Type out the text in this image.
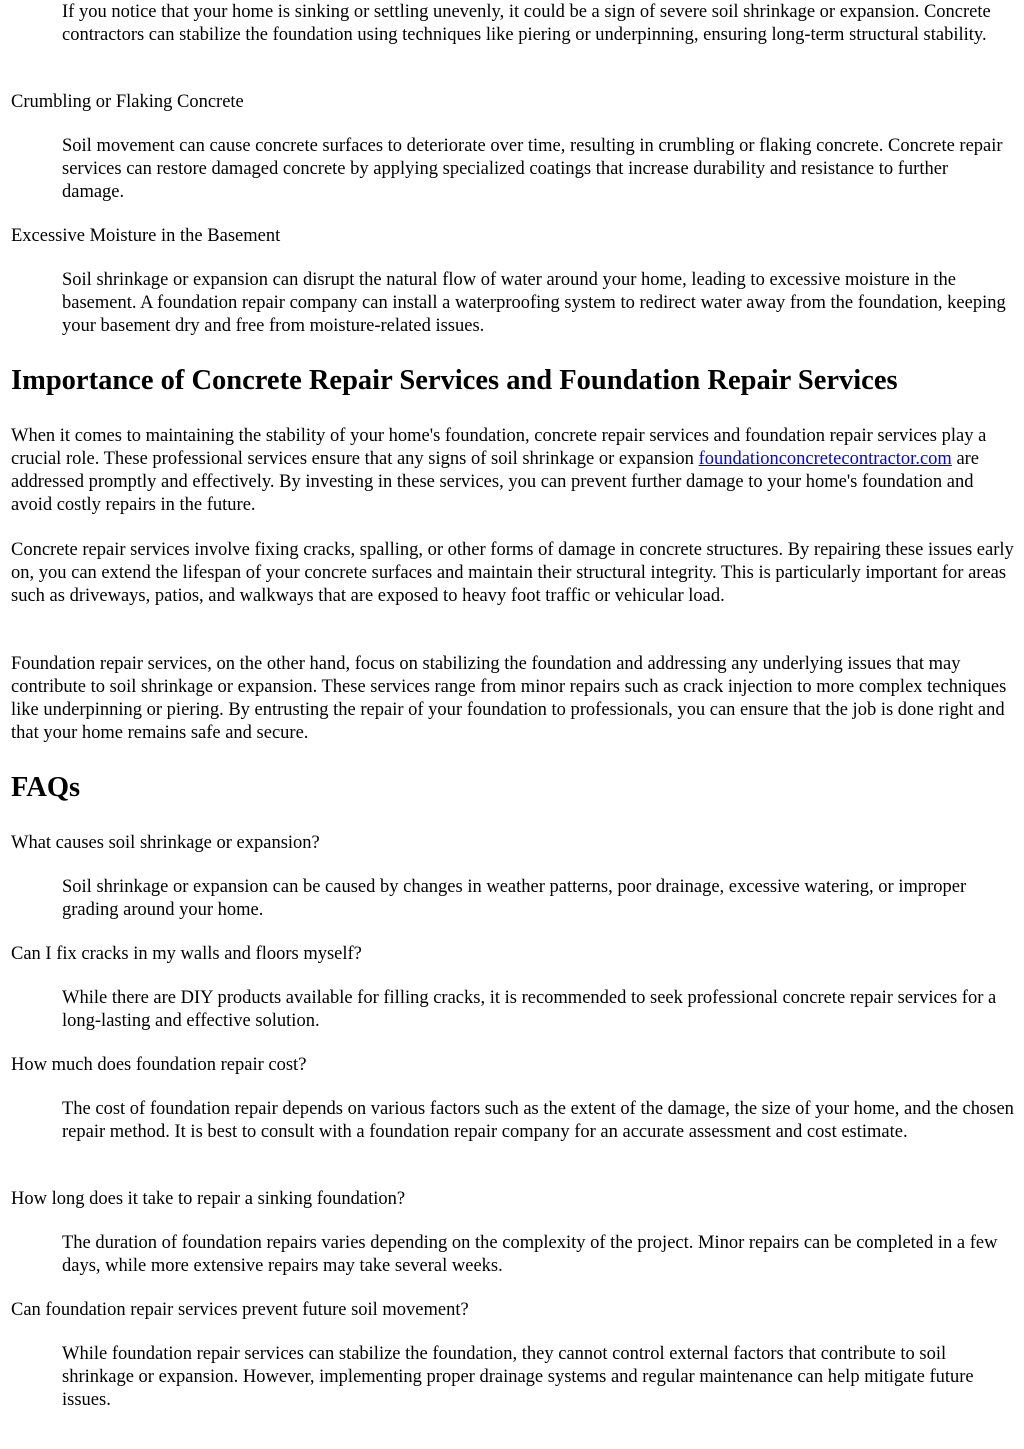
If you notice that your home is sinking or settling unevenly, it could be a sign of severe soil shrinkage or expansion. Concrete contractors can stabilize the foundation using techniques like piering or underpinning, ensuring long-term structural stability.

Crumbling or Flaking Concrete

Soil movement can cause concrete surfaces to deteriorate over time, resulting in crumbling or flaking concrete. Concrete repair services can restore damaged concrete by applying specialized coatings that increase durability and resistance to further damage.

Excessive Moisture in the Basement

Soil shrinkage or expansion can disrupt the natural flow of water around your home, leading to excessive moisture in the basement. A foundation repair company can install a waterproofing system to redirect water away from the foundation, keeping your basement dry and free from moisture-related issues.

Importance of Concrete Repair Services and Foundation Repair Services

When it comes to maintaining the stability of your home's foundation, concrete repair services and foundation repair services play a crucial role. These professional services ensure that any signs of soil shrinkage or expansion foundationconcretecontractor.com are addressed promptly and effectively. By investing in these services, you can prevent further damage to your home's foundation and avoid costly repairs in the future.

Concrete repair services involve fixing cracks, spalling, or other forms of damage in concrete structures. By repairing these issues early on, you can extend the lifespan of your concrete surfaces and maintain their structural integrity. This is particularly important for areas such as driveways, patios, and walkways that are exposed to heavy foot traffic or vehicular load.

Foundation repair services, on the other hand, focus on stabilizing the foundation and addressing any underlying issues that may contribute to soil shrinkage or expansion. These services range from minor repairs such as crack injection to more complex techniques like underpinning or piering. By entrusting the repair of your foundation to professionals, you can ensure that the job is done right and that your home remains safe and secure.

FAQs

What causes soil shrinkage or expansion?

Soil shrinkage or expansion can be caused by changes in weather patterns, poor drainage, excessive watering, or improper grading around your home.

Can I fix cracks in my walls and floors myself?

While there are DIY products available for filling cracks, it is recommended to seek professional concrete repair services for a long-lasting and effective solution.

How much does foundation repair cost?

The cost of foundation repair depends on various factors such as the extent of the damage, the size of your home, and the chosen repair method. It is best to consult with a foundation repair company for an accurate assessment and cost estimate.

How long does it take to repair a sinking foundation?

The duration of foundation repairs varies depending on the complexity of the project. Minor repairs can be completed in a few days, while more extensive repairs may take several weeks.

Can foundation repair services prevent future soil movement?

While foundation repair services can stabilize the foundation, they cannot control external factors that contribute to soil shrinkage or expansion. However, implementing proper drainage systems and regular maintenance can help mitigate future issues.
